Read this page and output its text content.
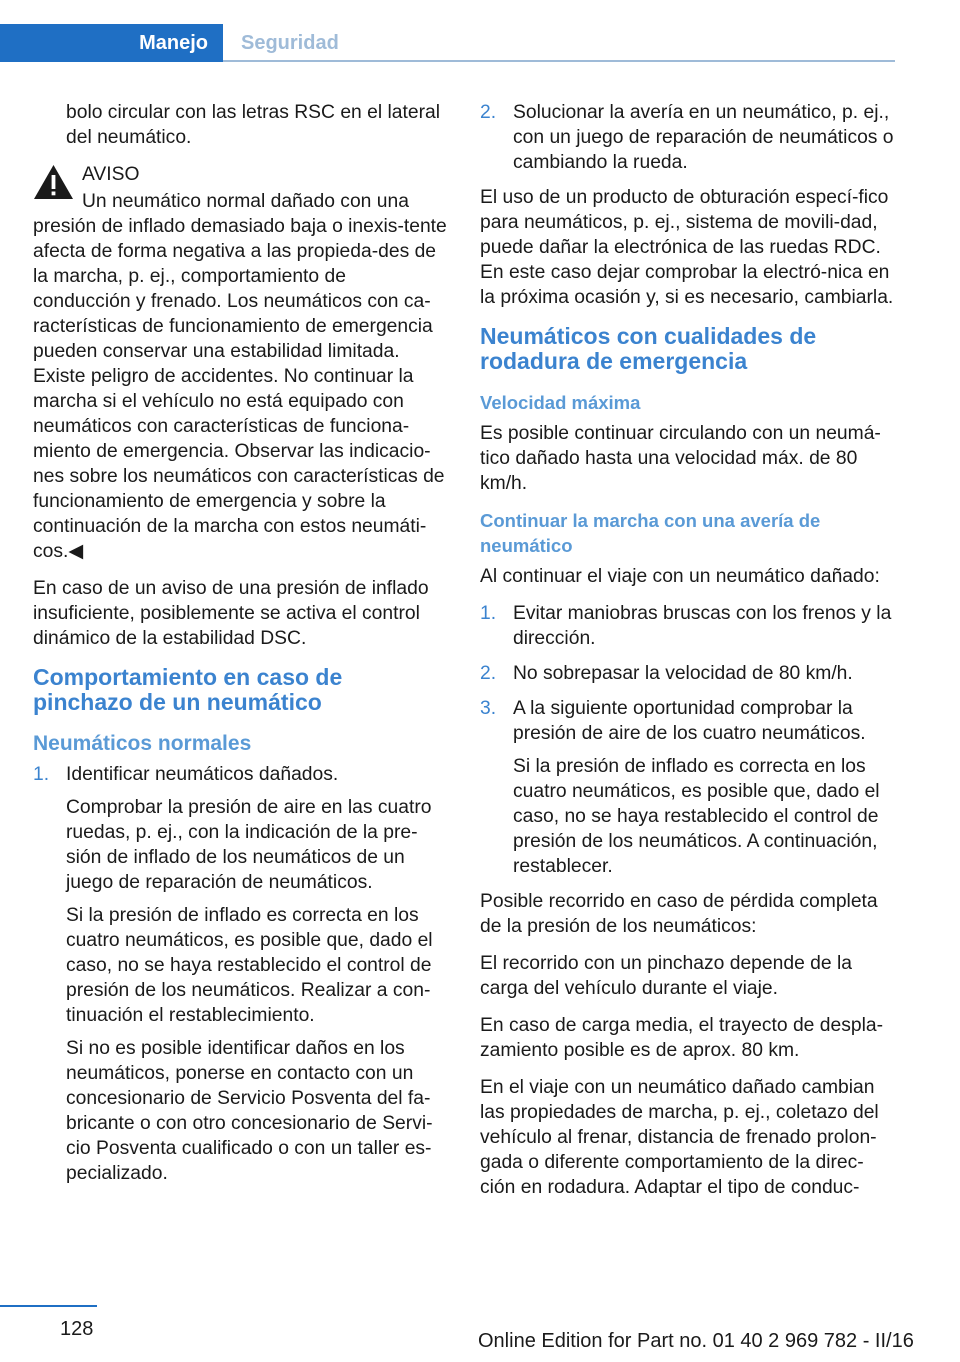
Manejo	Seguridad

bolo circular con las letras RSC en el lateral del neumático.

AVISO

Un neumático normal dañado con una

presión de inflado demasiado baja o inexis‐tente afecta de forma negativa a las propieda‐des de la marcha, p. ej., comportamiento de conducción y frenado. Los neumáticos con ca‐racterísticas de funcionamiento de emergencia pueden conservar una estabilidad limitada. Existe peligro de accidentes. No continuar la marcha si el vehículo no está equipado con neumáticos con características de funciona‐miento de emergencia. Observar las indicacio‐nes sobre los neumáticos con características de funcionamiento de emergencia y sobre la continuación de la marcha con estos neumáti‐cos.◀

En caso de un aviso de una presión de inflado insuficiente, posiblemente se activa el control dinámico de la estabilidad DSC.

Comportamiento en caso de pinchazo de un neumático
Neumáticos normales
1. Identificar neumáticos dañados.

Comprobar la presión de aire en las cuatro ruedas, p. ej., con la indicación de la pre‐sión de inflado de los neumáticos de un juego de reparación de neumáticos.

Si la presión de inflado es correcta en los cuatro neumáticos, es posible que, dado el caso, no se haya restablecido el control de presión de los neumáticos. Realizar a con‐tinuación el restablecimiento.

Si no es posible identificar daños en los neumáticos, ponerse en contacto con un concesionario de Servicio Posventa del fa‐bricante o con otro concesionario de Servi‐cio Posventa cualificado o con un taller es‐pecializado.

2. Solucionar la avería en un neumático, p. ej., con un juego de reparación de neumáticos o cambiando la rueda.

El uso de un producto de obturación especí‐fico para neumáticos, p. ej., sistema de movili‐dad, puede dañar la electrónica de las ruedas RDC. En este caso dejar comprobar la electró‐nica en la próxima ocasión y, si es necesario, cambiarla.

Neumáticos con cualidades de rodadura de emergencia
Velocidad máxima

Es posible continuar circulando con un neumá‐tico dañado hasta una velocidad máx. de 80 km/h.

Continuar la marcha con una avería de neumático

Al continuar el viaje con un neumático dañado:

1. Evitar maniobras bruscas con los frenos y la dirección.

2. No sobrepasar la velocidad de 80 km/h.

3. A la siguiente oportunidad comprobar la presión de aire de los cuatro neumáticos.

Si la presión de inflado es correcta en los cuatro neumáticos, es posible que, dado el caso, no se haya restablecido el control de presión de los neumáticos. A continuación, restablecer.

Posible recorrido en caso de pérdida completa de la presión de los neumáticos:

El recorrido con un pinchazo depende de la carga del vehículo durante el viaje.

En caso de carga media, el trayecto de despla‐zamiento posible es de aprox. 80 km.

En el viaje con un neumático dañado cambian las propiedades de marcha, p. ej., coletazo del vehículo al frenar, distancia de frenado prolon‐gada o diferente comportamiento de la direc‐ción en rodadura. Adaptar el tipo de conduc‐

128
Online Edition for Part no. 01 40 2 969 782 - II/16
